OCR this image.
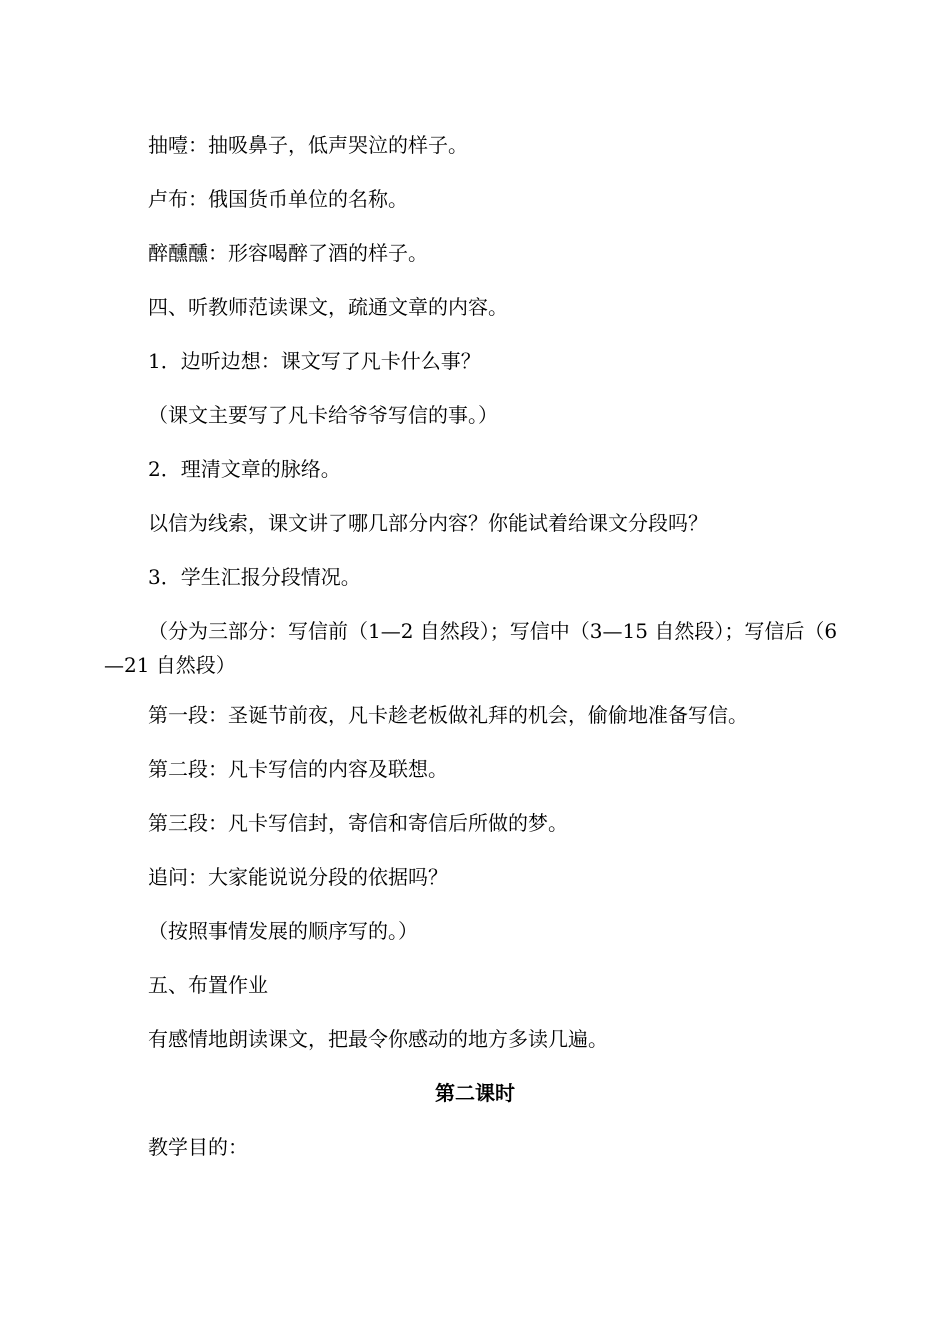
抽噎：抽吸鼻子，低声哭泣的样子。
卢布：俄国货币单位的名称。
醉醺醺：形容喝醉了酒的样子。
四、听教师范读课文，疏通文章的内容。
1．边听边想：课文写了凡卡什么事？
（课文主要写了凡卡给爷爷写信的事。）
2．理清文章的脉络。
以信为线索，课文讲了哪几部分内容？你能试着给课文分段吗？
3．学生汇报分段情况。
（分为三部分：写信前（1—2 自然段）；写信中（3—15 自然段）；写信后（6—21 自然段）
第一段：圣诞节前夜，凡卡趁老板做礼拜的机会，偷偷地准备写信。
第二段：凡卡写信的内容及联想。
第三段：凡卡写信封，寄信和寄信后所做的梦。
追问：大家能说说分段的依据吗？
（按照事情发展的顺序写的。）
五、布置作业
有感情地朗读课文，把最令你感动的地方多读几遍。
第二课时
教学目的：
